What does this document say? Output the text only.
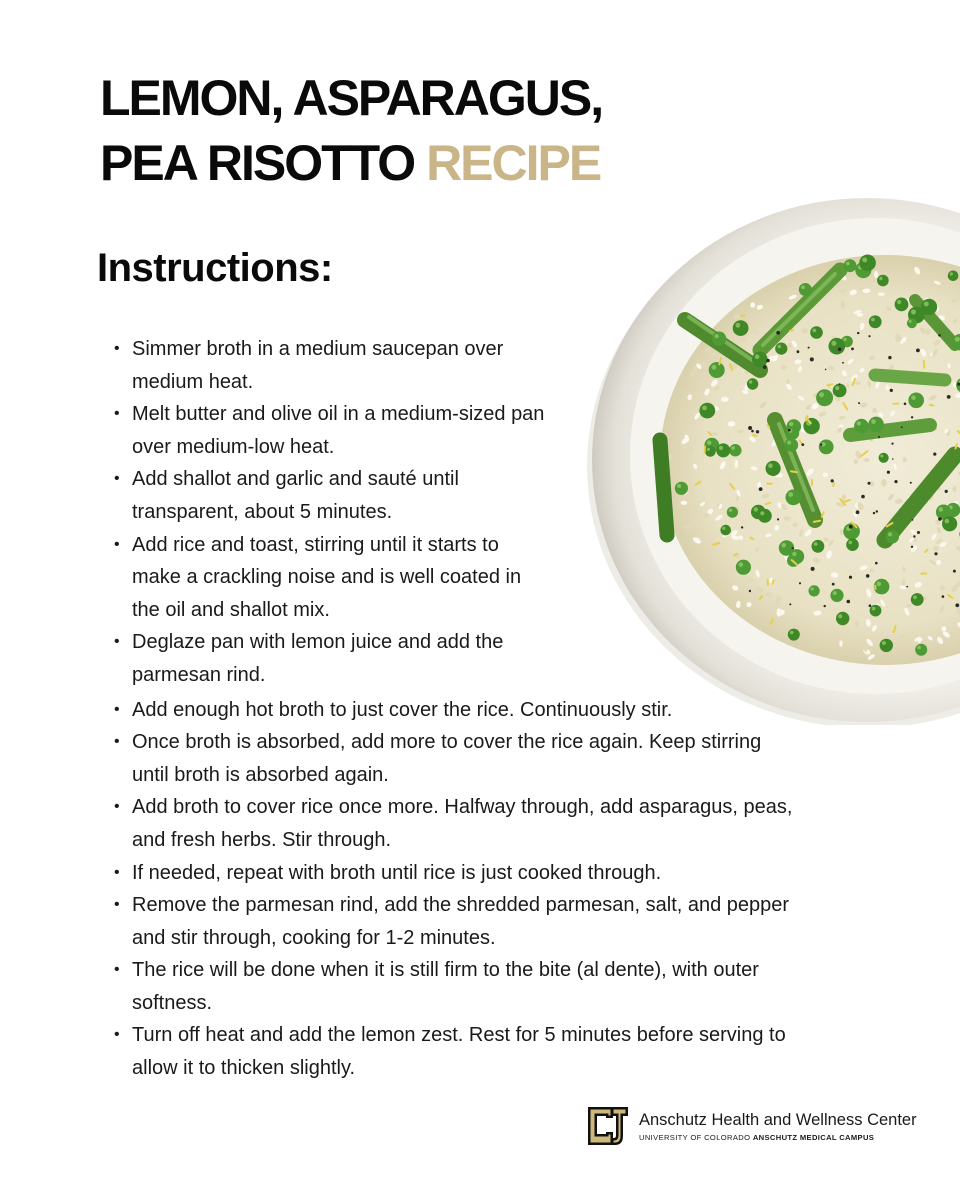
LEMON, ASPARAGUS,
PEA RISOTTO RECIPE
Instructions:
• Simmer broth in a medium saucepan over
medium heat.
• Melt butter and olive oil in a medium-sized pan
over medium-low heat.
• Add shallot and garlic and sauté until
transparent, about 5 minutes.
• Add rice and toast, stirring until it starts to
make a crackling noise and is well coated in
the oil and shallot mix.
• Deglaze pan with lemon juice and add the
parmesan rind.
• Add enough hot broth to just cover the rice. Continuously stir.
• Once broth is absorbed, add more to cover the rice again. Keep stirring
until broth is absorbed again.
• Add broth to cover rice once more. Halfway through, add asparagus, peas,
and fresh herbs. Stir through.
• If needed, repeat with broth until rice is just cooked through.
• Remove the parmesan rind, add the shredded parmesan, salt, and pepper
and stir through, cooking for 1-2 minutes.
• The rice will be done when it is still firm to the bite (al dente), with outer
softness.
• Turn off heat and add the lemon zest. Rest for 5 minutes before serving to
allow it to thicken slightly.
Anschutz Health and Wellness Center
UNIVERSITY OF COLORADO ANSCHUTZ MEDICAL CAMPUS
